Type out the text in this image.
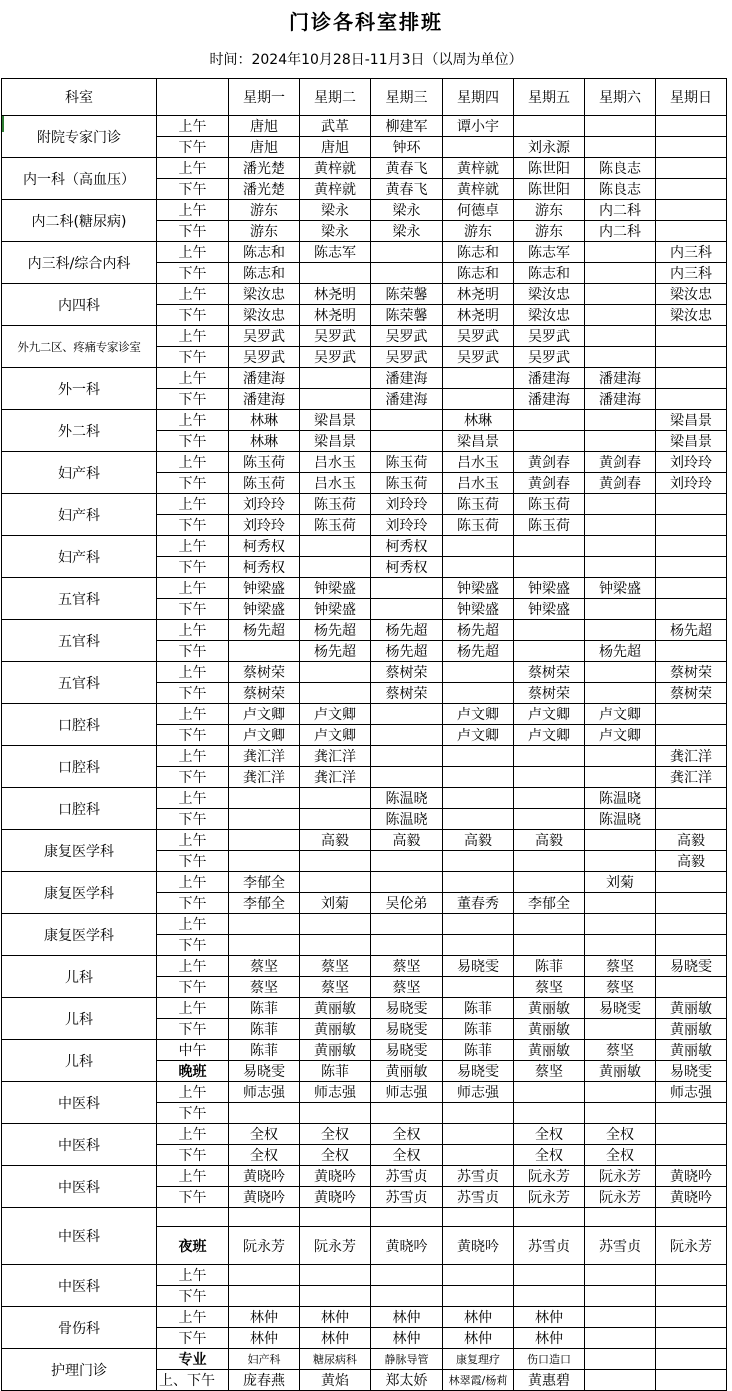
门诊各科室排班
时间：2024年10月28日-11月3日（以周为单位）
科室		星期一	星期二	星期三	星期四	星期五	星期六	星期日
附院专家门诊	上午	唐旭	武革	柳建军	谭小宇			
	下午	唐旭	唐旭	钟环		刘永源		
内一科（高血压）	上午	潘光楚	黄梓就	黄春飞	黄梓就	陈世阳	陈良志	
	下午	潘光楚	黄梓就	黄春飞	黄梓就	陈世阳	陈良志	
内二科(糖尿病)	上午	游东	梁永	梁永	何德卓	游东	内二科	
	下午	游东	梁永	梁永	游东	游东	内二科	
内三科/综合内科	上午	陈志和	陈志军		陈志和	陈志军		内三科
	下午	陈志和			陈志和	陈志和		内三科
内四科	上午	梁汝忠	林尧明	陈荣馨	林尧明	梁汝忠		梁汝忠
	下午	梁汝忠	林尧明	陈荣馨	林尧明	梁汝忠		梁汝忠
外九二区、疼痛专家诊室	上午	吴罗武	吴罗武	吴罗武	吴罗武	吴罗武		
	下午	吴罗武	吴罗武	吴罗武	吴罗武	吴罗武		
外一科	上午	潘建海		潘建海		潘建海	潘建海	
	下午	潘建海		潘建海		潘建海	潘建海	
外二科	上午	林琳	梁昌景		林琳			梁昌景
	下午	林琳	梁昌景		梁昌景			梁昌景
妇产科	上午	陈玉荷	吕水玉	陈玉荷	吕水玉	黄剑春	黄剑春	刘玲玲
	下午	陈玉荷	吕水玉	陈玉荷	吕水玉	黄剑春	黄剑春	刘玲玲
妇产科	上午	刘玲玲	陈玉荷	刘玲玲	陈玉荷	陈玉荷		
	下午	刘玲玲	陈玉荷	刘玲玲	陈玉荷	陈玉荷		
妇产科	上午	柯秀权		柯秀权				
	下午	柯秀权		柯秀权				
五官科	上午	钟梁盛	钟梁盛		钟梁盛	钟梁盛	钟梁盛	
	下午	钟梁盛	钟梁盛		钟梁盛	钟梁盛		
五官科	上午	杨先超	杨先超	杨先超	杨先超			杨先超
	下午		杨先超	杨先超	杨先超		杨先超	
五官科	上午	蔡树荣		蔡树荣		蔡树荣		蔡树荣
	下午	蔡树荣		蔡树荣		蔡树荣		蔡树荣
口腔科	上午	卢文卿	卢文卿		卢文卿	卢文卿	卢文卿	
	下午	卢文卿	卢文卿		卢文卿	卢文卿	卢文卿	
口腔科	上午	龚汇洋	龚汇洋					龚汇洋
	下午	龚汇洋	龚汇洋					龚汇洋
口腔科	上午			陈温晓			陈温晓	
	下午			陈温晓			陈温晓	
康复医学科	上午		高毅	高毅	高毅	高毅		高毅
	下午							高毅
康复医学科	上午	李郁全					刘菊	
	下午	李郁全	刘菊	吴伦弟	董春秀	李郁全		
康复医学科	上午							
	下午							
儿科	上午	蔡坚	蔡坚	蔡坚	易晓雯	陈菲	蔡坚	易晓雯
	下午	蔡坚	蔡坚	蔡坚		蔡坚	蔡坚	
儿科	上午	陈菲	黄丽敏	易晓雯	陈菲	黄丽敏	易晓雯	黄丽敏
	下午	陈菲	黄丽敏	易晓雯	陈菲	黄丽敏		黄丽敏
儿科	中午	陈菲	黄丽敏	易晓雯	陈菲	黄丽敏	蔡坚	黄丽敏
	晚班	易晓雯	陈菲	黄丽敏	易晓雯	蔡坚	黄丽敏	易晓雯
中医科	上午	师志强	师志强	师志强	师志强			师志强
	下午							
中医科	上午	全权	全权	全权		全权	全权	
	下午	全权	全权	全权		全权	全权	
中医科	上午	黄晓吟	黄晓吟	苏雪贞	苏雪贞	阮永芳	阮永芳	黄晓吟
	下午	黄晓吟	黄晓吟	苏雪贞	苏雪贞	阮永芳	阮永芳	黄晓吟
中医科								
	夜班	阮永芳	阮永芳	黄晓吟	黄晓吟	苏雪贞	苏雪贞	阮永芳
中医科	上午							
	下午							
骨伤科	上午	林仲	林仲	林仲	林仲	林仲		
	下午	林仲	林仲	林仲	林仲	林仲		
护理门诊	专业	妇产科	糖尿病科	静脉导管	康复理疗	伤口造口		
	上、下午	庞春燕	黄焰	郑太娇	林翠霞/杨莉	黄惠碧		
